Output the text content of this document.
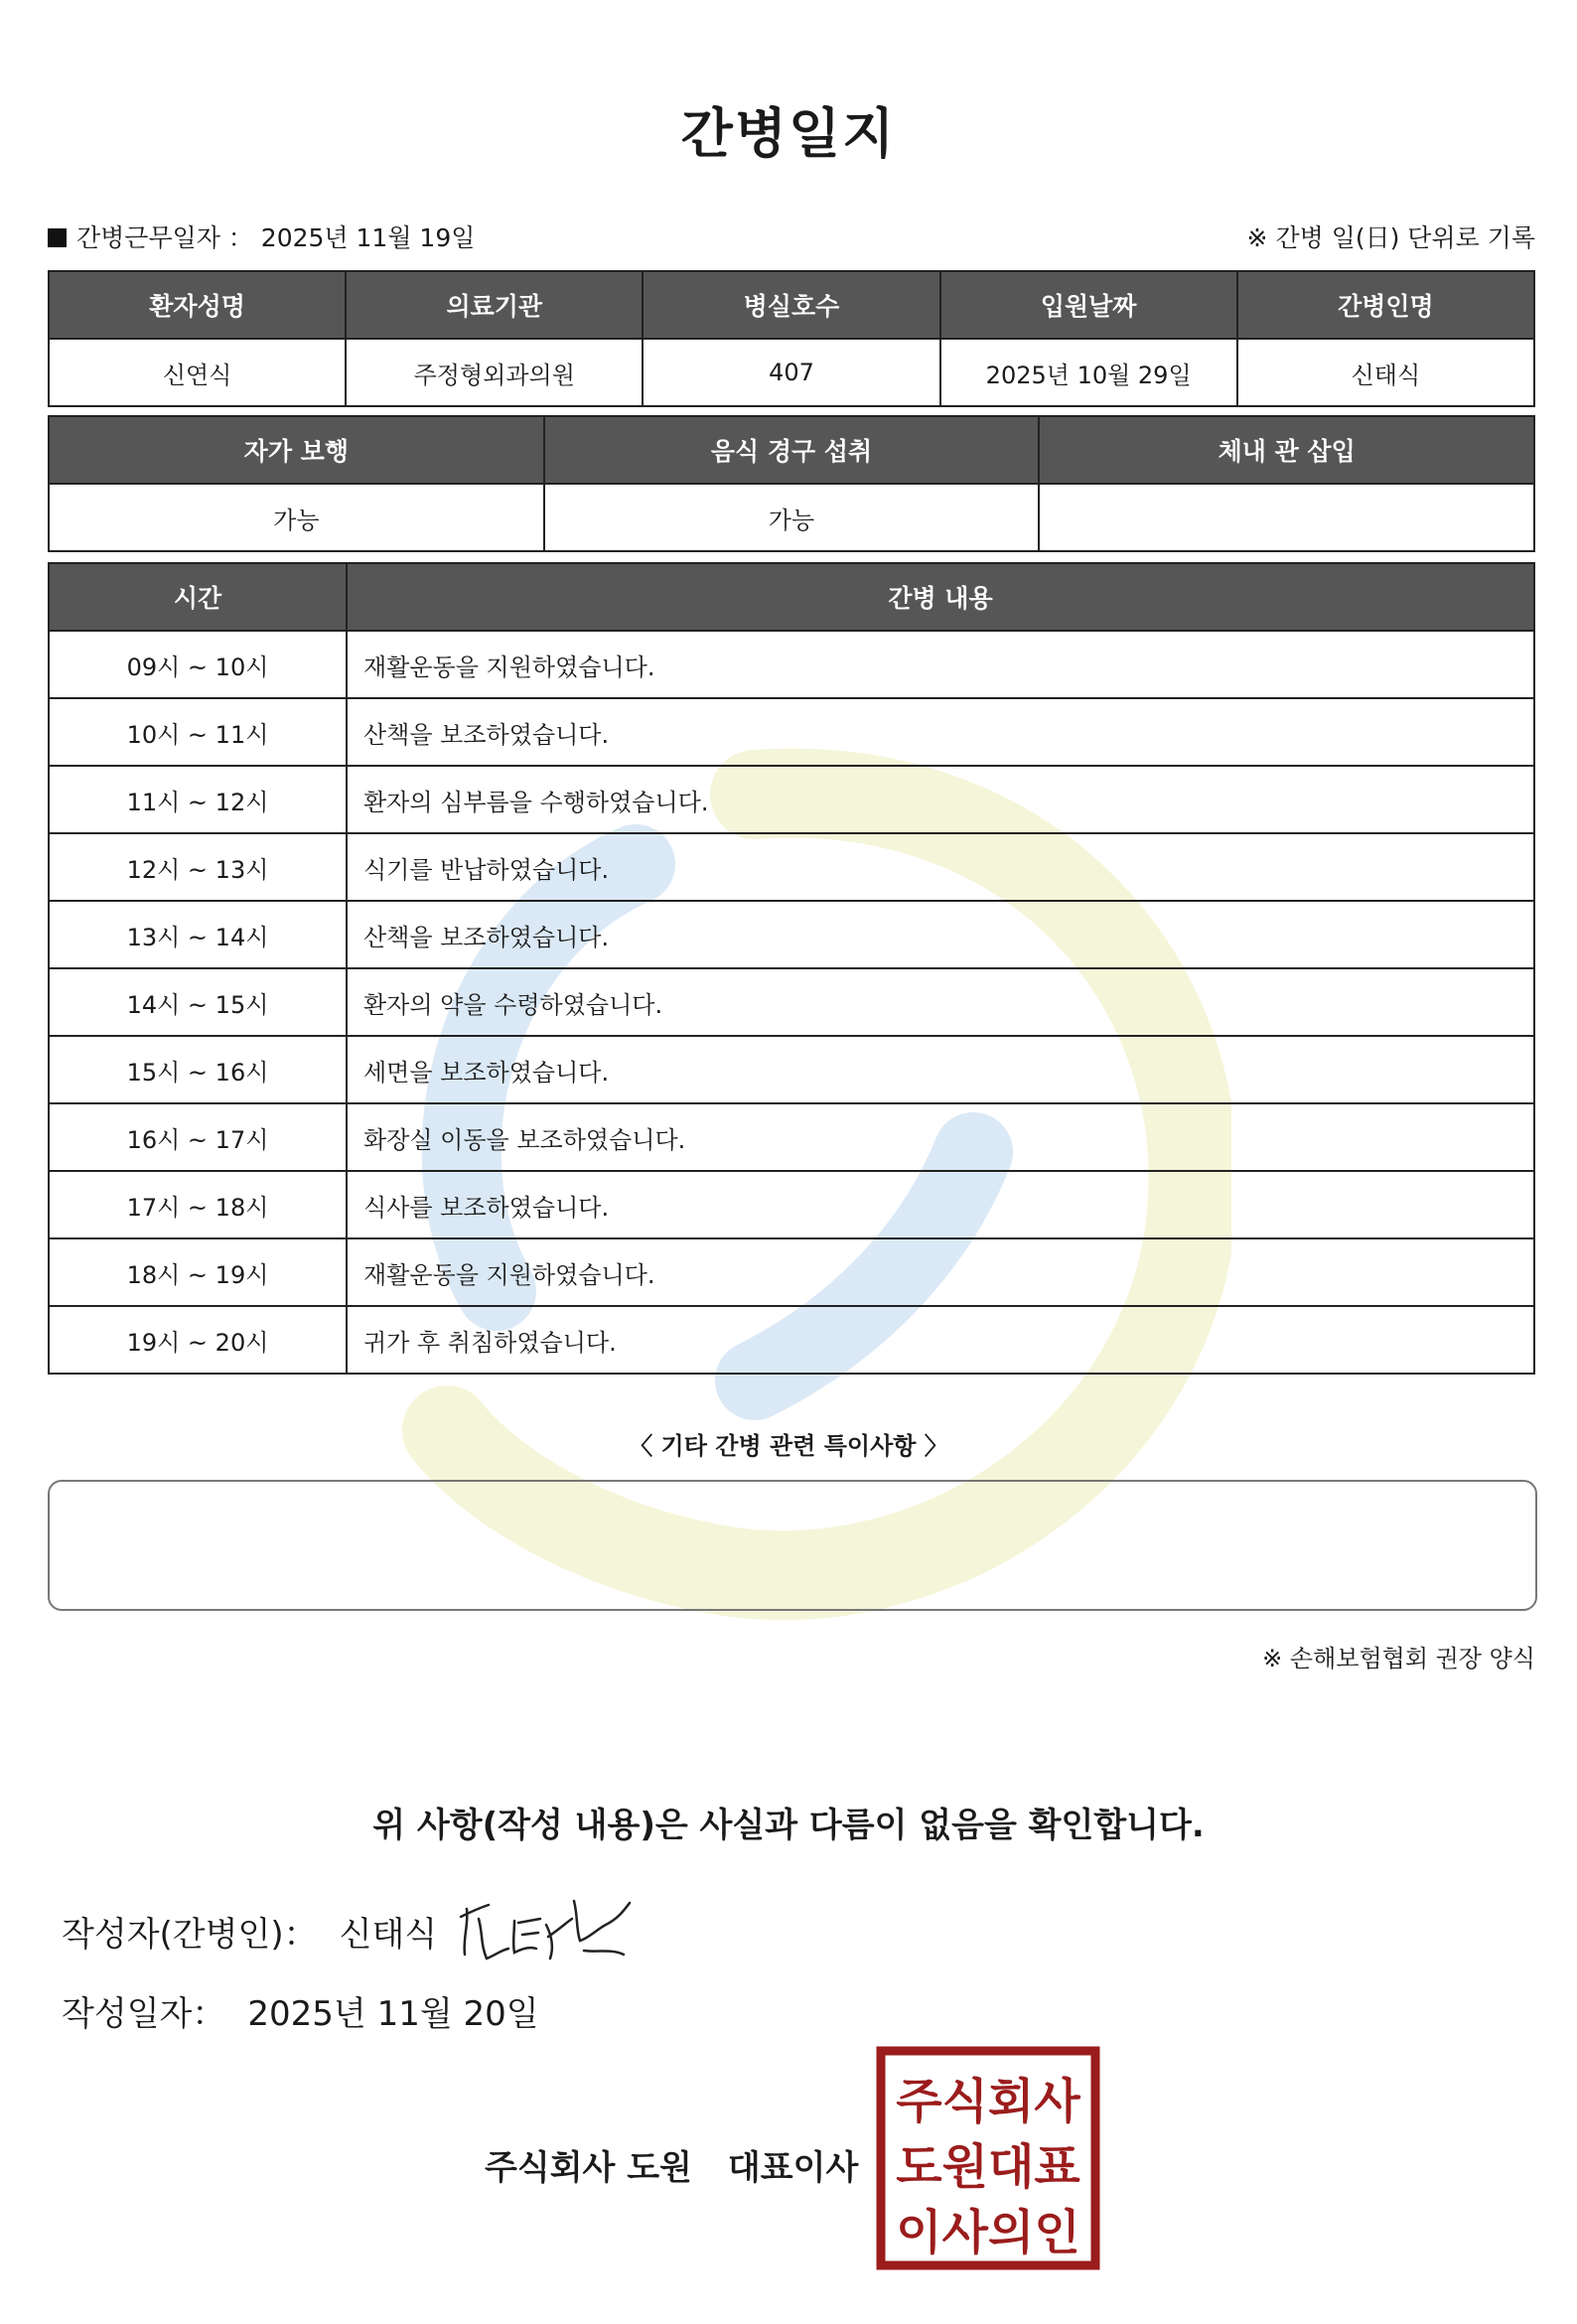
간병일지
간병근무일자 ： 2025년 11월 19일	※ 간병 일(日) 단위로 기록
환자성명	의료기관	병실호수	입원날짜	간병인명
신연식	주정형외과의원	407	2025년 10월 29일	신태식
자가 보행	음식 경구 섭취	체내 관 삽입
가능	가능	
시간	간병 내용
09시 ~ 10시	재활운동을 지원하였습니다.
10시 ~ 11시	산책을 보조하였습니다.
11시 ~ 12시	환자의 심부름을 수행하였습니다.
12시 ~ 13시	식기를 반납하였습니다.
13시 ~ 14시	산책을 보조하였습니다.
14시 ~ 15시	환자의 약을 수령하였습니다.
15시 ~ 16시	세면을 보조하였습니다.
16시 ~ 17시	화장실 이동을 보조하였습니다.
17시 ~ 18시	식사를 보조하였습니다.
18시 ~ 19시	재활운동을 지원하였습니다.
19시 ~ 20시	귀가 후 취침하였습니다.
〈 기타 간병 관련 특이사항 〉
※ 손해보험협회 권장 양식
위 사항(작성 내용)은 사실과 다름이 없음을 확인합니다.
작성자(간병인)： 신태식
작성일자： 2025년 11월 20일
주식회사 도원 대표이사
주식회사
도원대표
이사의인
